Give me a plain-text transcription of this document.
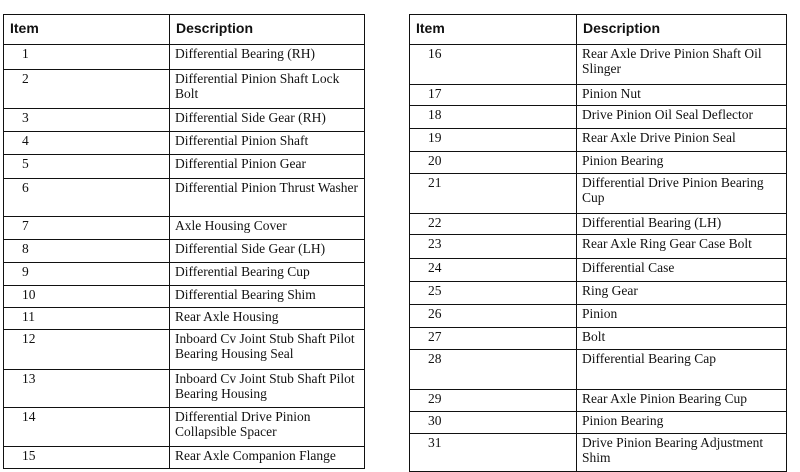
Item	Description
1	Differential Bearing (RH)
2	Differential Pinion Shaft Lock Bolt
3	Differential Side Gear (RH)
4	Differential Pinion Shaft
5	Differential Pinion Gear
6	Differential Pinion Thrust Washer
7	Axle Housing Cover
8	Differential Side Gear (LH)
9	Differential Bearing Cup
10	Differential Bearing Shim
11	Rear Axle Housing
12	Inboard Cv Joint Stub Shaft Pilot Bearing Housing Seal
13	Inboard Cv Joint Stub Shaft Pilot Bearing Housing
14	Differential Drive Pinion Collapsible Spacer
15	Rear Axle Companion Flange
Item	Description
16	Rear Axle Drive Pinion Shaft Oil Slinger
17	Pinion Nut
18	Drive Pinion Oil Seal Deflector
19	Rear Axle Drive Pinion Seal
20	Pinion Bearing
21	Differential Drive Pinion Bearing Cup
22	Differential Bearing (LH)
23	Rear Axle Ring Gear Case Bolt
24	Differential Case
25	Ring Gear
26	Pinion
27	Bolt
28	Differential Bearing Cap
29	Rear Axle Pinion Bearing Cup
30	Pinion Bearing
31	Drive Pinion Bearing Adjustment Shim
